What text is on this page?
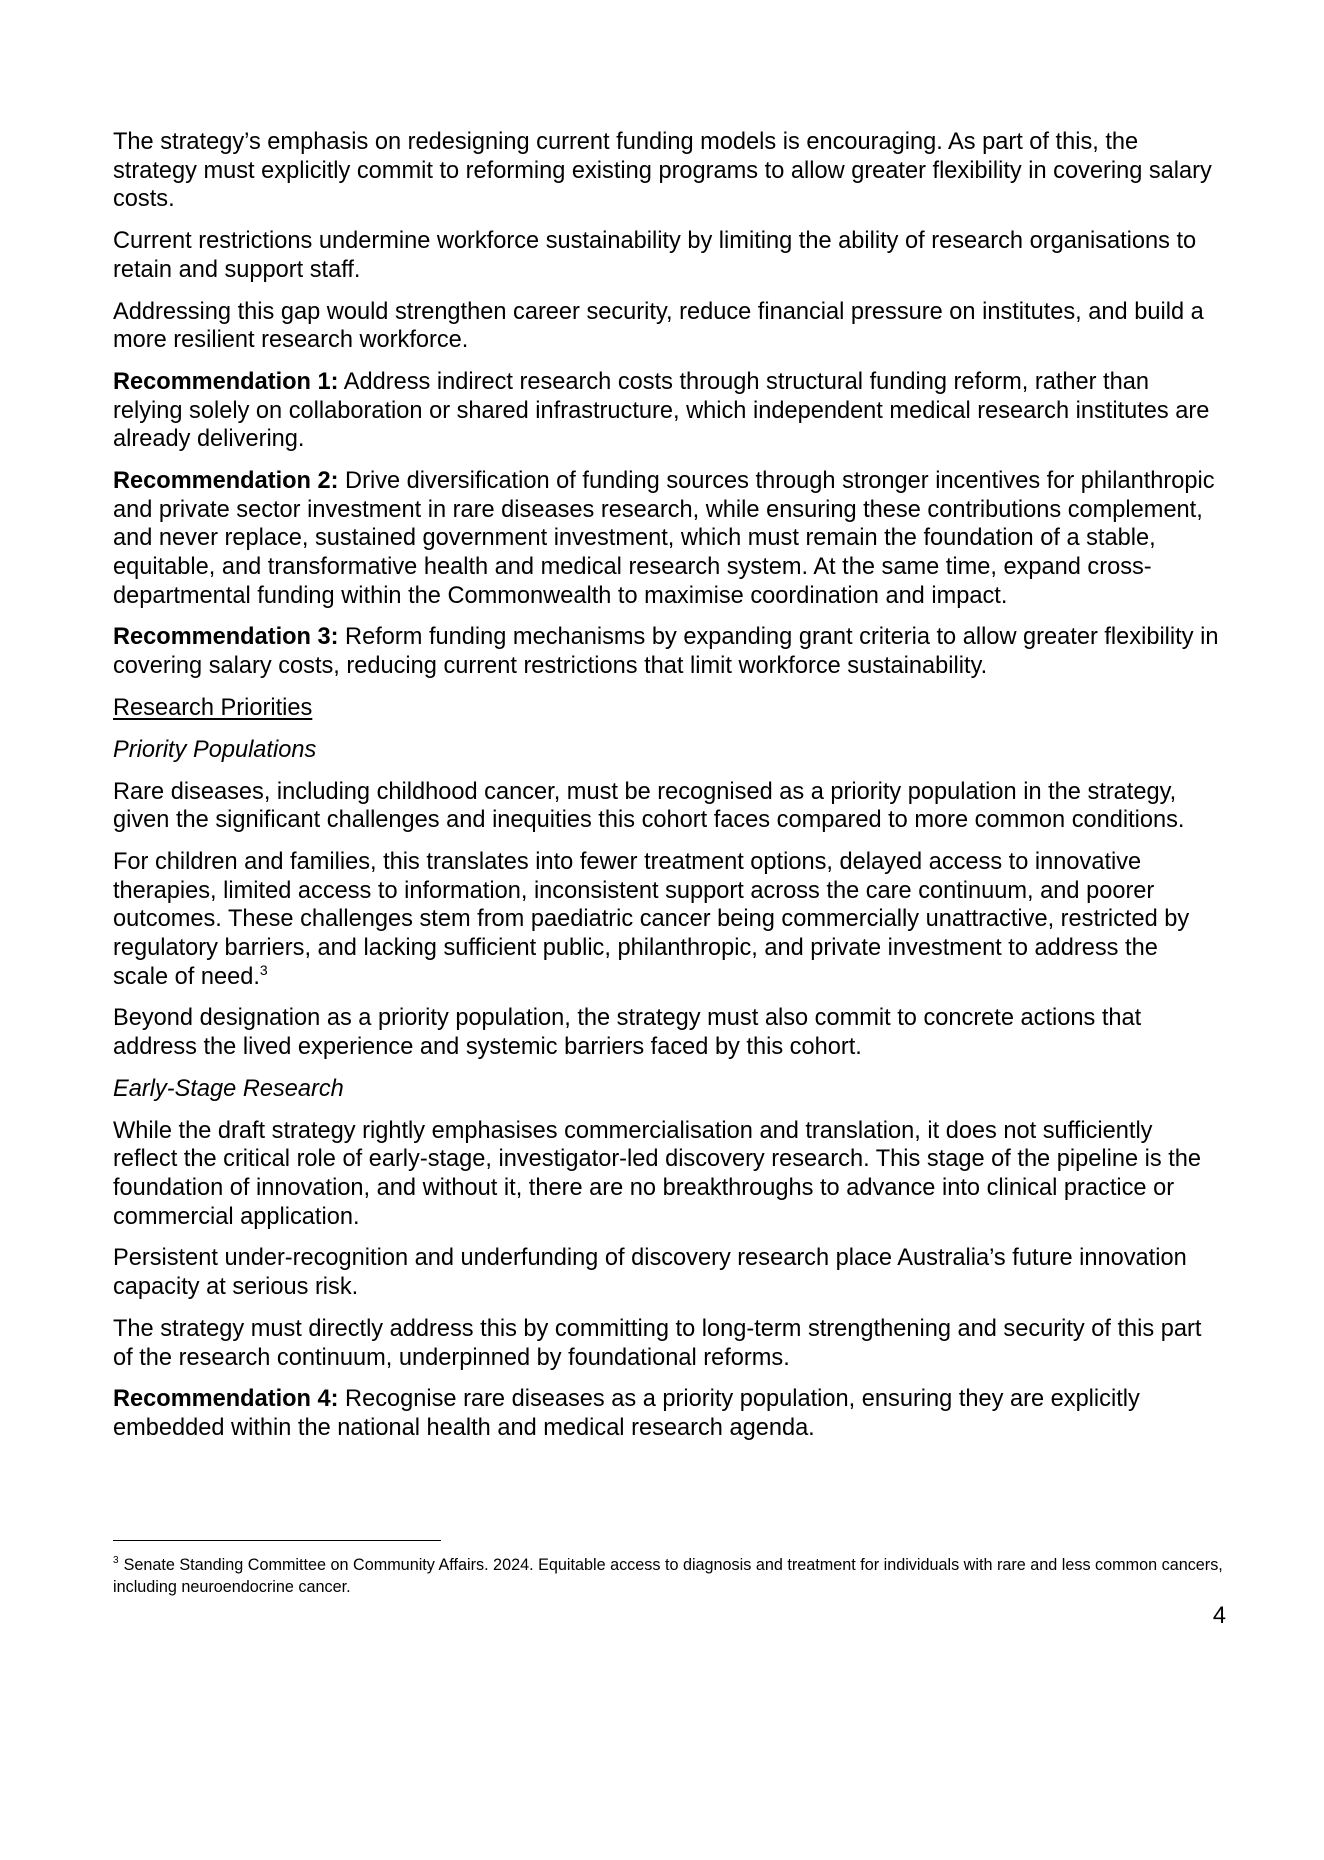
The strategy’s emphasis on redesigning current funding models is encouraging. As part of this, the strategy must explicitly commit to reforming existing programs to allow greater flexibility in covering salary costs.

Current restrictions undermine workforce sustainability by limiting the ability of research organisations to retain and support staff.

Addressing this gap would strengthen career security, reduce financial pressure on institutes, and build a more resilient research workforce.

Recommendation 1: Address indirect research costs through structural funding reform, rather than relying solely on collaboration or shared infrastructure, which independent medical research institutes are already delivering.

Recommendation 2: Drive diversification of funding sources through stronger incentives for philanthropic and private sector investment in rare diseases research, while ensuring these contributions complement, and never replace, sustained government investment, which must remain the foundation of a stable, equitable, and transformative health and medical research system. At the same time, expand cross-departmental funding within the Commonwealth to maximise coordination and impact.

Recommendation 3: Reform funding mechanisms by expanding grant criteria to allow greater flexibility in covering salary costs, reducing current restrictions that limit workforce sustainability.

Research Priorities

Priority Populations

Rare diseases, including childhood cancer, must be recognised as a priority population in the strategy, given the significant challenges and inequities this cohort faces compared to more common conditions.

For children and families, this translates into fewer treatment options, delayed access to innovative therapies, limited access to information, inconsistent support across the care continuum, and poorer outcomes. These challenges stem from paediatric cancer being commercially unattractive, restricted by regulatory barriers, and lacking sufficient public, philanthropic, and private investment to address the scale of need.$^3$

Beyond designation as a priority population, the strategy must also commit to concrete actions that address the lived experience and systemic barriers faced by this cohort.

Early-Stage Research

While the draft strategy rightly emphasises commercialisation and translation, it does not sufficiently reflect the critical role of early-stage, investigator-led discovery research. This stage of the pipeline is the foundation of innovation, and without it, there are no breakthroughs to advance into clinical practice or commercial application.

Persistent under-recognition and underfunding of discovery research place Australia’s future innovation capacity at serious risk.

The strategy must directly address this by committing to long-term strengthening and security of this part of the research continuum, underpinned by foundational reforms.

Recommendation 4: Recognise rare diseases as a priority population, ensuring they are explicitly embedded within the national health and medical research agenda.

$^3$ Senate Standing Committee on Community Affairs. 2024. Equitable access to diagnosis and treatment for individuals with rare and less common cancers, including neuroendocrine cancer.

4
